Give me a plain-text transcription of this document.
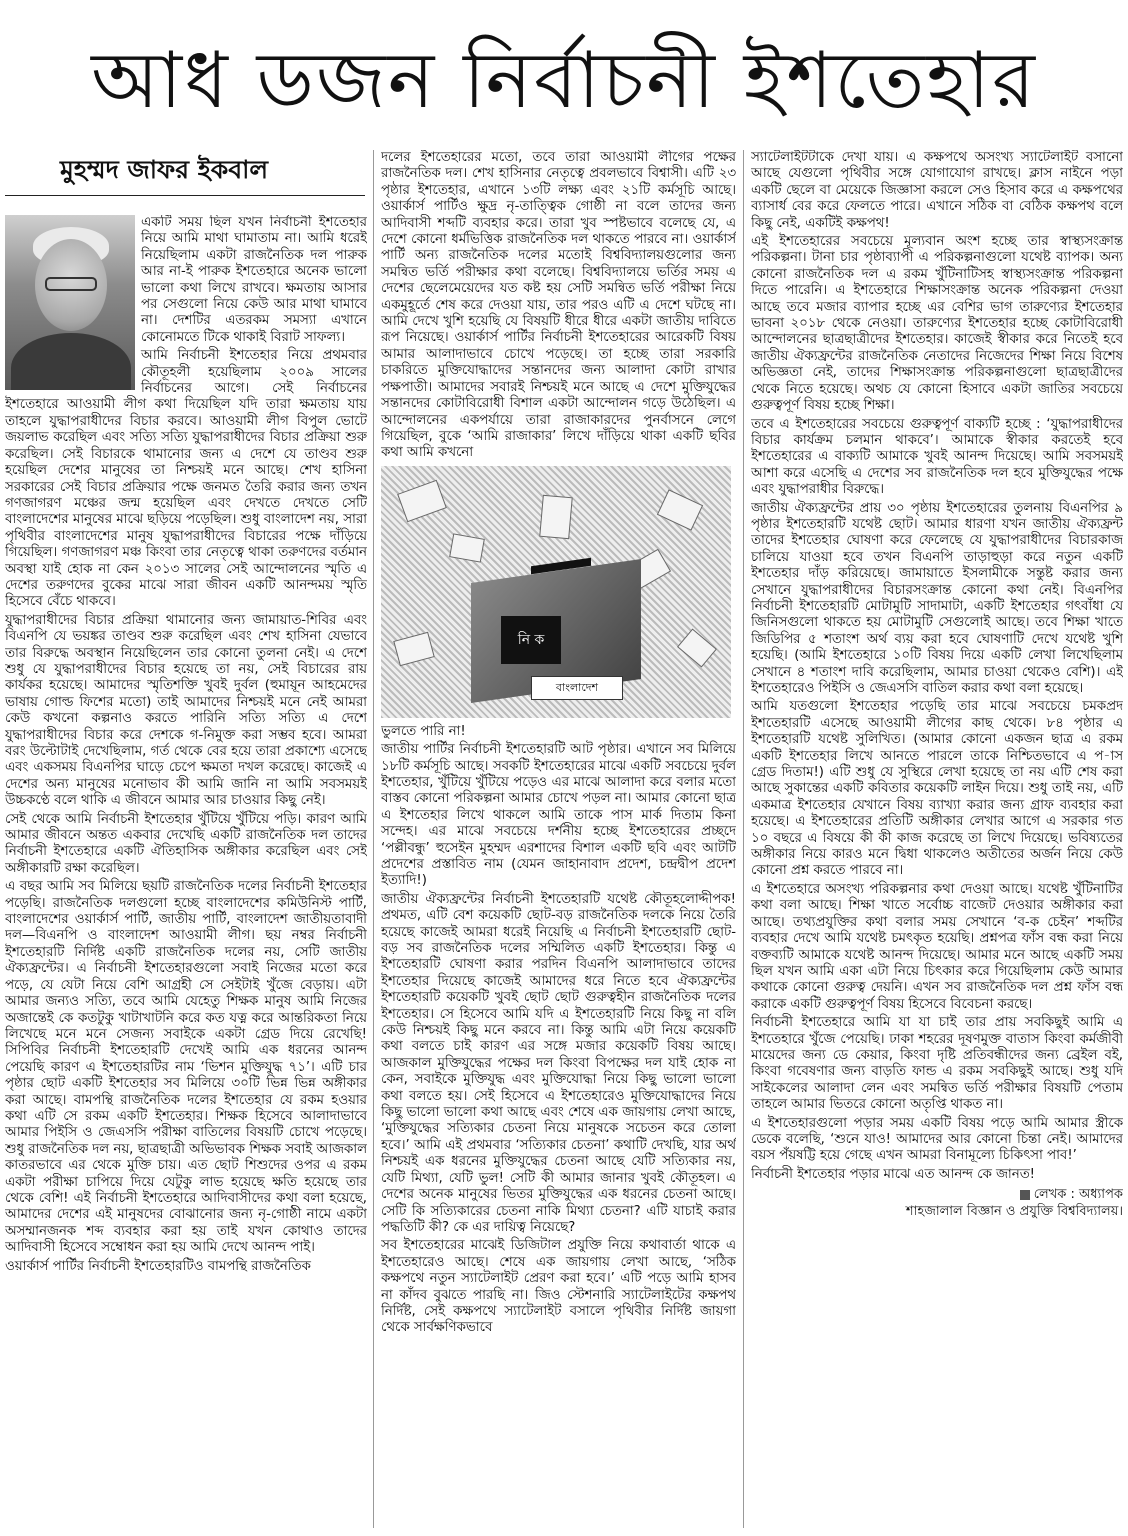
আধ ডজন নির্বাচনী ইশতেহার
মুহম্মদ জাফর ইকবাল

একটি সময় ছিল যখন নির্বাচনী ইশতেহার নিয়ে আমি মাথা ঘামাতাম না। আমি ধরেই নিয়েছিলাম একটা রাজনৈতিক দল পারুক আর না-ই পারুক ইশতেহারে অনেক ভালো ভালো কথা লিখে রাখবে। ক্ষমতায় আসার পর সেগুলো নিয়ে কেউ আর মাথা ঘামাবে না। দেশটির এতরকম সমস্যা এখানে কোনোমতে টিকে থাকাই বিরাট সাফল্য।

আমি নির্বাচনী ইশতেহার নিয়ে প্রথমবার কৌতূহলী হয়েছিলাম ২০০৯ সালের নির্বাচনের আগে। সেই নির্বাচনের ইশতেহারে আওয়ামী লীগ কথা দিয়েছিল যদি তারা ক্ষমতায় যায় তাহলে যুদ্ধাপরাধীদের বিচার করবে। আওয়ামী লীগ বিপুল ভোটে জয়লাভ করেছিল এবং সত্যি সত্যি যুদ্ধাপরাধীদের বিচার প্রক্রিয়া শুরু করেছিল। সেই বিচারকে থামানোর জন্য এ দেশে যে তাণ্ডব শুরু হয়েছিল দেশের মানুষের তা নিশ্চয়ই মনে আছে। শেখ হাসিনা সরকারের সেই বিচার প্রক্রিয়ার পক্ষে জনমত তৈরি করার জন্য তখন গণজাগরণ মঞ্চের জন্ম হয়েছিল এবং দেখতে দেখতে সেটি বাংলাদেশের মানুষের মাঝে ছড়িয়ে পড়েছিল। শুধু বাংলাদেশ নয়, সারা পৃথিবীর বাংলাদেশের মানুষ যুদ্ধাপরাধীদের বিচারের পক্ষে দাঁড়িয়ে গিয়েছিল। গণজাগরণ মঞ্চ কিংবা তার নেতৃত্বে থাকা তরুণদের বর্তমান অবস্থা যাই হোক না কেন ২০১৩ সালের সেই আন্দোলনের স্মৃতি এ দেশের তরুণদের বুকের মাঝে সারা জীবন একটি আনন্দময় স্মৃতি হিসেবে বেঁচে থাকবে।

যুদ্ধাপরাধীদের বিচার প্রক্রিয়া থামানোর জন্য জামায়াত-শিবির এবং বিএনপি যে ভয়ঙ্কর তাণ্ডব শুরু করেছিল এবং শেখ হাসিনা যেভাবে তার বিরুদ্ধে অবস্থান নিয়েছিলেন তার কোনো তুলনা নেই। এ দেশে শুধু যে যুদ্ধাপরাধীদের বিচার হয়েছে তা নয়, সেই বিচারের রায় কার্যকর হয়েছে। আমাদের স্মৃতিশক্তি খুবই দুর্বল (হুমায়ূন আহমেদের ভাষায় গোল্ড ফিশের মতো) তাই আমাদের নিশ্চয়ই মনে নেই আমরা কেউ কখনো কল্পনাও করতে পারিনি সত্যি সত্যি এ দেশে যুদ্ধাপরাধীদের বিচার করে দেশকে গ-নিমুক্ত করা সম্ভব হবে। আমরা বরং উল্টোটাই দেখেছিলাম, গর্ত থেকে বের হয়ে তারা প্রকাশ্যে এসেছে এবং একসময় বিএনপির ঘাড়ে চেপে ক্ষমতা দখল করেছে। কাজেই এ দেশের অন্য মানুষের মনোভাব কী আমি জানি না আমি সবসময়ই উচ্চকণ্ঠে বলে থাকি এ জীবনে আমার আর চাওয়ার কিছু নেই।

সেই থেকে আমি নির্বাচনী ইশতেহার খুঁটিয়ে খুঁটিয়ে পড়ি। কারণ আমি আমার জীবনে অন্তত একবার দেখেছি একটি রাজনৈতিক দল তাদের নির্বাচনী ইশতেহারে একটি ঐতিহাসিক অঙ্গীকার করেছিল এবং সেই অঙ্গীকারটি রক্ষা করেছিল।

এ বছর আমি সব মিলিয়ে ছয়টি রাজনৈতিক দলের নির্বাচনী ইশতেহার পড়েছি। রাজনৈতিক দলগুলো হচ্ছে বাংলাদেশের কমিউনিস্ট পার্টি, বাংলাদেশের ওয়ার্কার্স পার্টি, জাতীয় পার্টি, বাংলাদেশ জাতীয়তাবাদী দল—বিএনপি ও বাংলাদেশ আওয়ামী লীগ। ছয় নম্বর নির্বাচনী ইশতেহারটি নির্দিষ্ট একটি রাজনৈতিক দলের নয়, সেটি জাতীয় ঐক্যফ্রন্টের। এ নির্বাচনী ইশতেহারগুলো সবাই নিজের মতো করে পড়ে, যে যেটা নিয়ে বেশি আগ্রহী সে সেইটাই খুঁজে বেড়ায়। এটা আমার জন্যও সত্যি, তবে আমি যেহেতু শিক্ষক মানুষ আমি নিজের অজান্তেই কে কতটুকু খাটাখাটনি করে কত যত্ন করে আন্তরিকতা নিয়ে লিখেছে মনে মনে সেজন্য সবাইকে একটা গ্রেড দিয়ে রেখেছি! সিপিবির নির্বাচনী ইশতেহারটি দেখেই আমি এক ধরনের আনন্দ পেয়েছি কারণ এ ইশতেহারটির নাম ‘ভিশন মুক্তিযুদ্ধ ৭১’। এটি চার পৃষ্ঠার ছোট একটি ইশতেহার সব মিলিয়ে ৩০টি ভিন্ন ভিন্ন অঙ্গীকার করা আছে। বামপন্থি রাজনৈতিক দলের ইশতেহার যে রকম হওয়ার কথা এটি সে রকম একটি ইশতেহার। শিক্ষক হিসেবে আলাদাভাবে আমার পিইসি ও জেএসসি পরীক্ষা বাতিলের বিষয়টি চোখে পড়েছে। শুধু রাজনৈতিক দল নয়, ছাত্রছাত্রী অভিভাবক শিক্ষক সবাই আজকাল কাতরভাবে এর থেকে মুক্তি চায়। এত ছোট শিশুদের ওপর এ রকম একটা পরীক্ষা চাপিয়ে দিয়ে যেটুকু লাভ হয়েছে ক্ষতি হয়েছে তার থেকে বেশি! এই নির্বাচনী ইশতেহারে আদিবাসীদের কথা বলা হয়েছে, আমাদের দেশের এই মানুষদের বোঝানোর জন্য নৃ-গোষ্ঠী নামে একটা অসম্মানজনক শব্দ ব্যবহার করা হয় তাই যখন কোথাও তাদের আদিবাসী হিসেবে সম্বোধন করা হয় আমি দেখে আনন্দ পাই।

ওয়ার্কার্স পার্টির নির্বাচনী ইশতেহারটিও বামপন্থি রাজনৈতিক

দলের ইশতেহারের মতো, তবে তারা আওয়ামী লীগের পক্ষের রাজনৈতিক দল। শেখ হাসিনার নেতৃত্বে প্রবলভাবে বিশ্বাসী। এটি ২৩ পৃষ্ঠার ইশতেহার, এখানে ১৩টি লক্ষ্য এবং ২১টি কর্মসূচি আছে। ওয়ার্কার্স পার্টিও ক্ষুদ্র নৃ-তাত্ত্বিক গোষ্ঠী না বলে তাদের জন্য আদিবাসী শব্দটি ব্যবহার করে। তারা খুব স্পষ্টভাবে বলেছে যে, এ দেশে কোনো ধর্মভিত্তিক রাজনৈতিক দল থাকতে পারবে না। ওয়ার্কার্স পার্টি অন্য রাজনৈতিক দলের মতোই বিশ্ববিদ্যালয়গুলোর জন্য সমন্বিত ভর্তি পরীক্ষার কথা বলেছে। বিশ্ববিদ্যালয়ে ভর্তির সময় এ দেশের ছেলেমেয়েদের যত কষ্ট হয় সেটি সমন্বিত ভর্তি পরীক্ষা নিয়ে একমুহূর্তে শেষ করে দেওয়া যায়, তার পরও এটি এ দেশে ঘটছে না। আমি দেখে খুশি হয়েছি যে বিষয়টি ধীরে ধীরে একটা জাতীয় দাবিতে রূপ নিয়েছে। ওয়ার্কার্স পার্টির নির্বাচনী ইশতেহারের আরেকটি বিষয় আমার আলাদাভাবে চোখে পড়েছে। তা হচ্ছে তারা সরকারি চাকরিতে মুক্তিযোদ্ধাদের সন্তানদের জন্য আলাদা কোটা রাখার পক্ষপাতী। আমাদের সবারই নিশ্চয়ই মনে আছে এ দেশে মুক্তিযুদ্ধের সন্তানদের কোটাবিরোধী বিশাল একটা আন্দোলন গড়ে উঠেছিল। এ আন্দোলনের একপর্যায়ে তারা রাজাকারদের পুনর্বাসনে লেগে গিয়েছিল, বুকে ‘আমি রাজাকার’ লিখে দাঁড়িয়ে থাকা একটি ছবির কথা আমি কখনো

নি ক
বাংলাদেশ

ভুলতে পারি না!

জাতীয় পার্টির নির্বাচনী ইশতেহারটি আট পৃষ্ঠার। এখানে সব মিলিয়ে ১৮টি কর্মসূচি আছে। সবকটি ইশতেহারের মাঝে একটি সবচেয়ে দুর্বল ইশতেহার, খুঁটিয়ে খুঁটিয়ে পড়েও এর মাঝে আলাদা করে বলার মতো বাস্তব কোনো পরিকল্পনা আমার চোখে পড়ল না। আমার কোনো ছাত্র এ ইশতেহার লিখে থাকলে আমি তাকে পাস মার্ক দিতাম কিনা সন্দেহ। এর মাঝে সবচেয়ে দর্শনীয় হচ্ছে ইশতেহারের প্রচ্ছদে ‘পল্লীবন্ধু’ হুসেইন মুহম্মদ এরশাদের বিশাল একটি ছবি এবং আটটি প্রদেশের প্রস্তাবিত নাম (যেমন জাহানাবাদ প্রদেশ, চন্দ্রদ্বীপ প্রদেশ ইত্যাদি!)

জাতীয় ঐক্যফ্রন্টের নির্বাচনী ইশতেহারটি যথেষ্ট কৌতূহলোদ্দীপক! প্রথমত, এটি বেশ কয়েকটি ছোট-বড় রাজনৈতিক দলকে নিয়ে তৈরি হয়েছে কাজেই আমরা ধরেই নিয়েছি এ নির্বাচনী ইশতেহারটি ছোট-বড় সব রাজনৈতিক দলের সম্মিলিত একটি ইশতেহার। কিন্তু এ ইশতেহারটি ঘোষণা করার পরদিন বিএনপি আলাদাভাবে তাদের ইশতেহার দিয়েছে কাজেই আমাদের ধরে নিতে হবে ঐক্যফ্রন্টের ইশতেহারটি কয়েকটি খুবই ছোট ছোট গুরুত্বহীন রাজনৈতিক দলের ইশতেহার। সে হিসেবে আমি যদি এ ইশতেহারটি নিয়ে কিছু না বলি কেউ নিশ্চয়ই কিছু মনে করবে না। কিন্তু আমি এটা নিয়ে কয়েকটি কথা বলতে চাই কারণ এর সঙ্গে মজার কয়েকটি বিষয় আছে। আজকাল মুক্তিযুদ্ধের পক্ষের দল কিংবা বিপক্ষের দল যাই হোক না কেন, সবাইকে মুক্তিযুদ্ধ এবং মুক্তিযোদ্ধা নিয়ে কিছু ভালো ভালো কথা বলতে হয়। সেই হিসেবে এ ইশতেহারেও মুক্তিযোদ্ধাদের নিয়ে কিছু ভালো ভালো কথা আছে এবং শেষে এক জায়গায় লেখা আছে, ‘মুক্তিযুদ্ধের সত্যিকার চেতনা নিয়ে মানুষকে সচেতন করে তোলা হবে।’ আমি এই প্রথমবার ‘সত্যিকার চেতনা’ কথাটি দেখছি, যার অর্থ নিশ্চয়ই এক ধরনের মুক্তিযুদ্ধের চেতনা আছে যেটি সত্যিকার নয়, যেটি মিথ্যা, যেটি ভুল! সেটি কী আমার জানার খুবই কৌতূহল। এ দেশের অনেক মানুষের ভিতর মুক্তিযুদ্ধের এক ধরনের চেতনা আছে। সেটি কি সত্যিকারের চেতনা নাকি মিথ্যা চেতনা? এটি যাচাই করার পদ্ধতিটি কী? কে এর দায়িত্ব নিয়েছে?

সব ইশতেহারের মাঝেই ডিজিটাল প্রযুক্তি নিয়ে কথাবার্তা থাকে এ ইশতেহারেও আছে। শেষে এক জায়গায় লেখা আছে, ‘সঠিক কক্ষপথে নতুন স্যাটেলাইট প্রেরণ করা হবে।’ এটি পড়ে আমি হাসব না কাঁদব বুঝতে পারছি না। জিও স্টেশনারি স্যাটেলাইটের কক্ষপথ নির্দিষ্ট, সেই কক্ষপথে স্যাটেলাইট বসালে পৃথিবীর নির্দিষ্ট জায়গা থেকে সার্বক্ষণিকভাবে

স্যাটেলাইটটাকে দেখা যায়। এ কক্ষপথে অসংখ্য স্যাটেলাইট বসানো আছে যেগুলো পৃথিবীর সঙ্গে যোগাযোগ রাখছে। ক্লাস নাইনে পড়া একটি ছেলে বা মেয়েকে জিজ্ঞাসা করলে সেও হিসাব করে এ কক্ষপথের ব্যাসার্ধ বের করে ফেলতে পারে। এখানে সঠিক বা বেঠিক কক্ষপথ বলে কিছু নেই, একটিই কক্ষপথ!

এই ইশতেহারের সবচেয়ে মূল্যবান অংশ হচ্ছে তার স্বাস্থ্যসংক্রান্ত পরিকল্পনা। টানা চার পৃষ্ঠাব্যাপী এ পরিকল্পনাগুলো যথেষ্ট ব্যাপক। অন্য কোনো রাজনৈতিক দল এ রকম খুঁটিনাটিসহ স্বাস্থ্যসংক্রান্ত পরিকল্পনা দিতে পারেনি। এ ইশতেহারে শিক্ষাসংক্রান্ত অনেক পরিকল্পনা দেওয়া আছে তবে মজার ব্যাপার হচ্ছে এর বেশির ভাগ তারুণ্যের ইশতেহার ভাবনা ২০১৮ থেকে নেওয়া। তারুণ্যের ইশতেহার হচ্ছে কোটাবিরোধী আন্দোলনের ছাত্রছাত্রীদের ইশতেহার। কাজেই স্বীকার করে নিতেই হবে জাতীয় ঐক্যফ্রন্টের রাজনৈতিক নেতাদের নিজেদের শিক্ষা নিয়ে বিশেষ অভিজ্ঞতা নেই, তাদের শিক্ষাসংক্রান্ত পরিকল্পনাগুলো ছাত্রছাত্রীদের থেকে নিতে হয়েছে। অথচ যে কোনো হিসাবে একটা জাতির সবচেয়ে গুরুত্বপূর্ণ বিষয় হচ্ছে শিক্ষা।

তবে এ ইশতেহারের সবচেয়ে গুরুত্বপূর্ণ বাক্যটি হচ্ছে : ‘যুদ্ধাপরাধীদের বিচার কার্যক্রম চলমান থাকবে’। আমাকে স্বীকার করতেই হবে ইশতেহারের এ বাক্যটি আমাকে খুবই আনন্দ দিয়েছে। আমি সবসময়ই আশা করে এসেছি এ দেশের সব রাজনৈতিক দল হবে মুক্তিযুদ্ধের পক্ষে এবং যুদ্ধাপরাধীর বিরুদ্ধে।

জাতীয় ঐক্যফ্রন্টের প্রায় ৩০ পৃষ্ঠায় ইশতেহারের তুলনায় বিএনপির ৯ পৃষ্ঠার ইশতেহারটি যথেষ্ট ছোট। আমার ধারণা যখন জাতীয় ঐক্যফ্রন্ট তাদের ইশতেহার ঘোষণা করে ফেলেছে যে যুদ্ধাপরাধীদের বিচারকাজ চালিয়ে যাওয়া হবে তখন বিএনপি তাড়াহুড়া করে নতুন একটি ইশতেহার দাঁড় করিয়েছে। জামায়াতে ইসলামীকে সন্তুষ্ট করার জন্য সেখানে যুদ্ধাপরাধীদের বিচারসংক্রান্ত কোনো কথা নেই। বিএনপির নির্বাচনী ইশতেহারটি মোটামুটি সাদামাটা, একটি ইশতেহার গৎবাঁধা যে জিনিসগুলো থাকতে হয় মোটামুটি সেগুলোই আছে। তবে শিক্ষা খাতে জিডিপির ৫ শতাংশ অর্থ ব্যয় করা হবে ঘোষণাটি দেখে যথেষ্ট খুশি হয়েছি। (আমি ইশতেহারে ১০টি বিষয় দিয়ে একটি লেখা লিখেছিলাম সেখানে ৪ শতাংশ দাবি করেছিলাম, আমার চাওয়া থেকেও বেশি)। এই ইশতেহারেও পিইসি ও জেএসসি বাতিল করার কথা বলা হয়েছে।

আমি যতগুলো ইশতেহার পড়েছি তার মাঝে সবচেয়ে চমকপ্রদ ইশতেহারটি এসেছে আওয়ামী লীগের কাছ থেকে। ৮৪ পৃষ্ঠার এ ইশতেহারটি যথেষ্ট সুলিখিত। (আমার কোনো একজন ছাত্র এ রকম একটি ইশতেহার লিখে আনতে পারলে তাকে নিশ্চিতভাবে এ প-াস গ্রেড দিতাম!) এটি শুধু যে সুস্থিরে লেখা হয়েছে তা নয় এটি শেষ করা আছে সুকান্তের একটি কবিতার কয়েকটি লাইন দিয়ে। শুধু তাই নয়, এটি একমাত্র ইশতেহার যেখানে বিষয় ব্যাখ্যা করার জন্য গ্রাফ ব্যবহার করা হয়েছে। এ ইশতেহারের প্রতিটি অঙ্গীকার লেখার আগে এ সরকার গত ১০ বছরে এ বিষয়ে কী কী কাজ করেছে তা লিখে দিয়েছে। ভবিষ্যতের অঙ্গীকার নিয়ে কারও মনে দ্বিধা থাকলেও অতীতের অর্জন নিয়ে কেউ কোনো প্রশ্ন করতে পারবে না।

এ ইশতেহারে অসংখ্য পরিকল্পনার কথা দেওয়া আছে। যথেষ্ট খুঁটিনাটির কথা বলা আছে। শিক্ষা খাতে সর্বোচ্চ বাজেট দেওয়ার অঙ্গীকার করা আছে। তথ্যপ্রযুক্তির কথা বলার সময় সেখানে ‘ব-ক চেইন’ শব্দটির ব্যবহার দেখে আমি যথেষ্ট চমৎকৃত হয়েছি। প্রশ্নপত্র ফাঁস বন্ধ করা নিয়ে বক্তব্যটি আমাকে যথেষ্ট আনন্দ দিয়েছে। আমার মনে আছে একটি সময় ছিল যখন আমি একা এটা নিয়ে চিৎকার করে গিয়েছিলাম কেউ আমার কথাকে কোনো গুরুত্ব দেয়নি। এখন সব রাজনৈতিক দল প্রশ্ন ফাঁস বন্ধ করাকে একটি গুরুত্বপূর্ণ বিষয় হিসেবে বিবেচনা করছে।

নির্বাচনী ইশতেহারে আমি যা যা চাই তার প্রায় সবকিছুই আমি এ ইশতেহারে খুঁজে পেয়েছি। ঢাকা শহরের দূষণমুক্ত বাতাস কিংবা কর্মজীবী মায়েদের জন্য ডে কেয়ার, কিংবা দৃষ্টি প্রতিবন্ধীদের জন্য ব্রেইল বই, কিংবা গবেষণার জন্য বাড়তি ফান্ড এ রকম সবকিছুই আছে। শুধু যদি সাইকেলের আলাদা লেন এবং সমন্বিত ভর্তি পরীক্ষার বিষয়টি পেতাম তাহলে আমার ভিতরে কোনো অতৃপ্তি থাকত না।

এ ইশতেহারগুলো পড়ার সময় একটি বিষয় পড়ে আমি আমার স্ত্রীকে ডেকে বলেছি, ‘শুনে যাও! আমাদের আর কোনো চিন্তা নেই। আমাদের বয়স পঁয়ষট্টি হয়ে গেছে এখন আমরা বিনামূল্যে চিকিৎসা পাব!’

নির্বাচনী ইশতেহার পড়ার মাঝে এত আনন্দ কে জানত!

লেখক : অধ্যাপক
শাহজালাল বিজ্ঞান ও প্রযুক্তি বিশ্ববিদ্যালয়।
